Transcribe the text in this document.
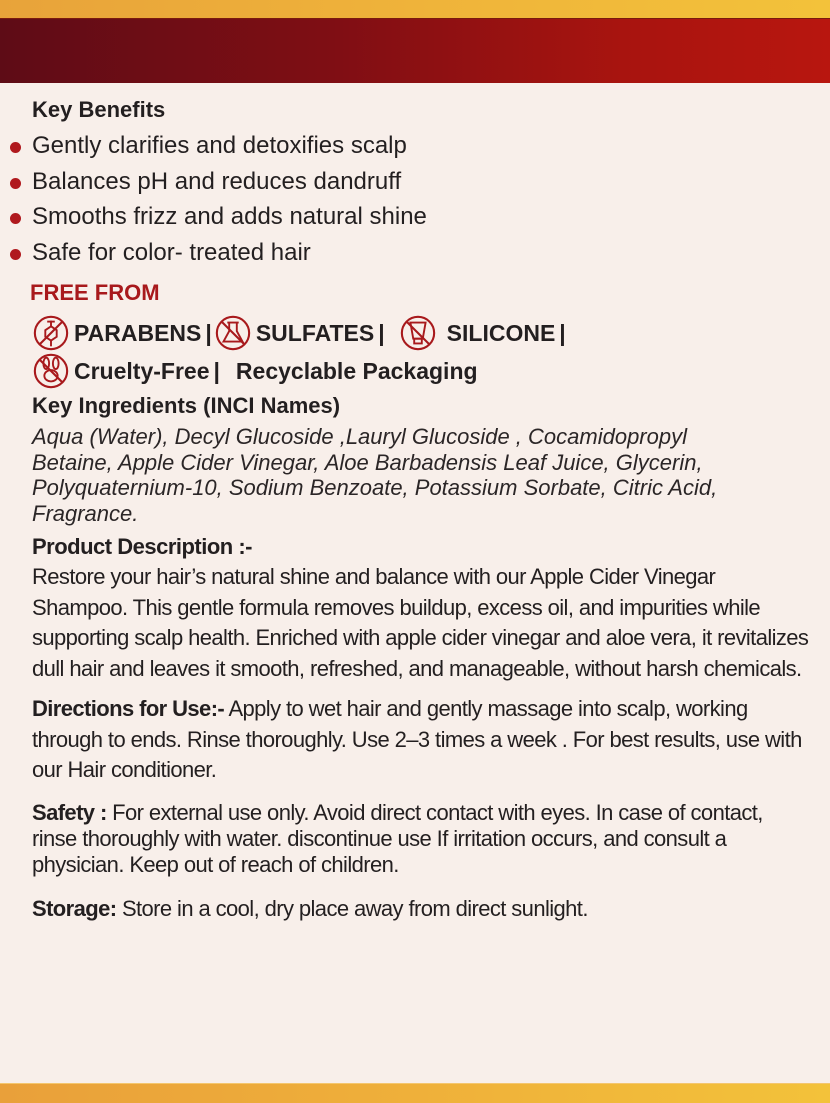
Key Benefits
Gently clarifies and detoxifies scalp
Balances pH and reduces dandruff
Smooths frizz and adds natural shine
Safe for color- treated hair
FREE FROM
PARABENS | SULFATES |	SILICONE |
Cruelty-Free | Recyclable Packaging
Key Ingredients (INCI Names)

Aqua (Water), Decyl Glucoside ,Lauryl Glucoside , Cocamidopropyl Betaine, Apple Cider Vinegar, Aloe Barbadensis Leaf Juice, Glycerin, Polyquaternium-10, Sodium Benzoate, Potassium Sorbate, Citric Acid, Fragrance.

Product Description :-

Restore your hair’s natural shine and balance with our Apple Cider Vinegar Shampoo. This gentle formula removes buildup, excess oil, and impurities while supporting scalp health. Enriched with apple cider vinegar and aloe vera, it revitalizes dull hair and leaves it smooth, refreshed, and manageable, without harsh chemicals.

Directions for Use:- Apply to wet hair and gently massage into scalp, working through to ends. Rinse thoroughly. Use 2–3 times a week . For best results, use with our Hair conditioner.

Safety : For external use only. Avoid direct contact with eyes. In case of contact, rinse thoroughly with water. discontinue use If irritation occurs, and consult a physician. Keep out of reach of children.

Storage: Store in a cool, dry place away from direct sunlight.
